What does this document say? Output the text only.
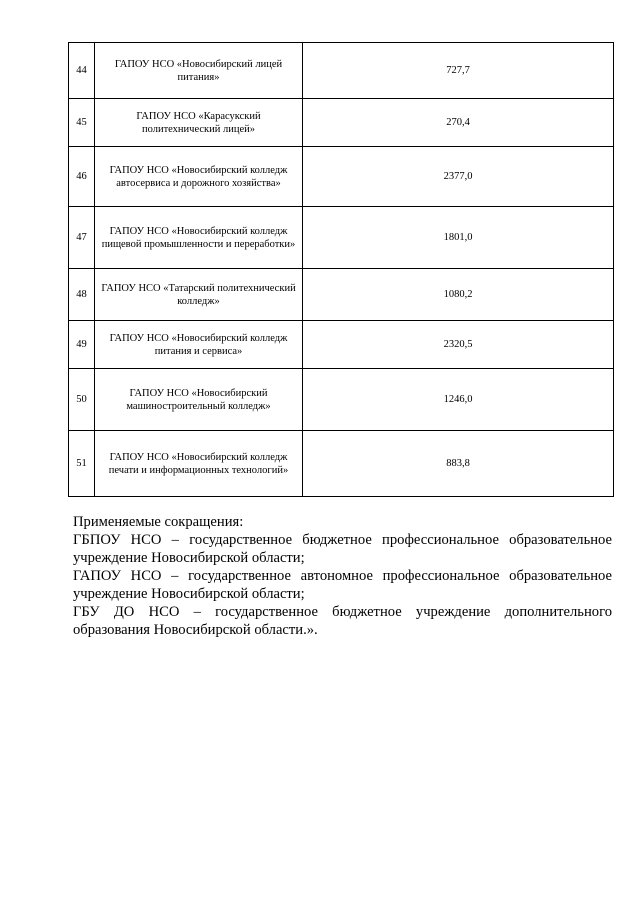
44	ГАПОУ НСО «Новосибирский лицей питания»	727,7
45	ГАПОУ НСО «Карасукский политехнический лицей»	270,4
46	ГАПОУ НСО «Новосибирский колледж автосервиса и дорожного хозяйства»	2377,0
47	ГАПОУ НСО «Новосибирский колледж пищевой промышленности и переработки»	1801,0
48	ГАПОУ НСО «Татарский политехнический колледж»	1080,2
49	ГАПОУ НСО «Новосибирский колледж питания и сервиса»	2320,5
50	ГАПОУ НСО «Новосибирский машиностроительный колледж»	1246,0
51	ГАПОУ НСО «Новосибирский колледж печати и информационных технологий»	883,8

Применяемые сокращения:

ГБПОУ НСО – государственное бюджетное профессиональное образовательное учреждение Новосибирской области;

ГАПОУ НСО – государственное автономное профессиональное образовательное учреждение Новосибирской области;

ГБУ ДО НСО – государственное бюджетное учреждение дополнительного образования Новосибирской области.».
